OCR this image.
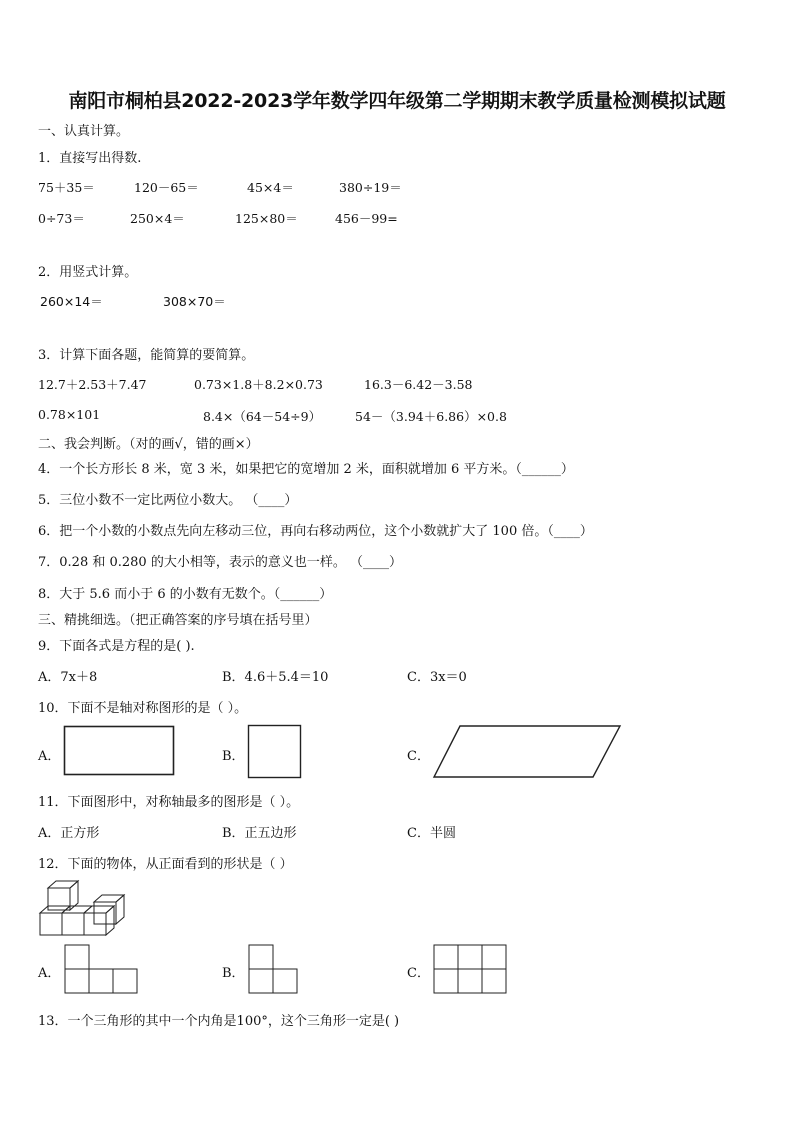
南阳市桐柏县2022-2023学年数学四年级第二学期期末教学质量检测模拟试题
一、认真计算。
1．直接写出得数.
75＋35＝	120－65＝	45×4＝	380÷19＝
0÷73＝	250×4＝	125×80＝	456－99=
2．用竖式计算。
260×14＝	308×70＝
3．计算下面各题，能简算的要简算。
12.7＋2.53＋7.47	0.73×1.8＋8.2×0.73	16.3－6.42－3.58
0.78×101	8.4×（64－54÷9）	54－（3.94＋6.86）×0.8
二、我会判断。（对的画√，错的画×）
4．一个长方形长 8 米，宽 3 米，如果把它的宽增加 2 米，面积就增加 6 平方米。（______）
5．三位小数不一定比两位小数大。 （____）
6．把一个小数的小数点先向左移动三位，再向右移动两位，这个小数就扩大了 100 倍。（____）
7．0.28 和 0.280 的大小相等，表示的意义也一样。 （____）
8．大于 5.6 而小于 6 的小数有无数个。（______）
三、精挑细选。（把正确答案的序号填在括号里）
9．下面各式是方程的是( ).
A．7x＋8	B．4.6＋5.4＝10	C．3x＝0
10．下面不是轴对称图形的是（ ）。
A．	B．	C．
11．下面图形中，对称轴最多的图形是（ ）。
A．正方形	B．正五边形	C．半圆
12．下面的物体，从正面看到的形状是（ ）
A．	B．	C．
13．一个三角形的其中一个内角是100°，这个三角形一定是( )
